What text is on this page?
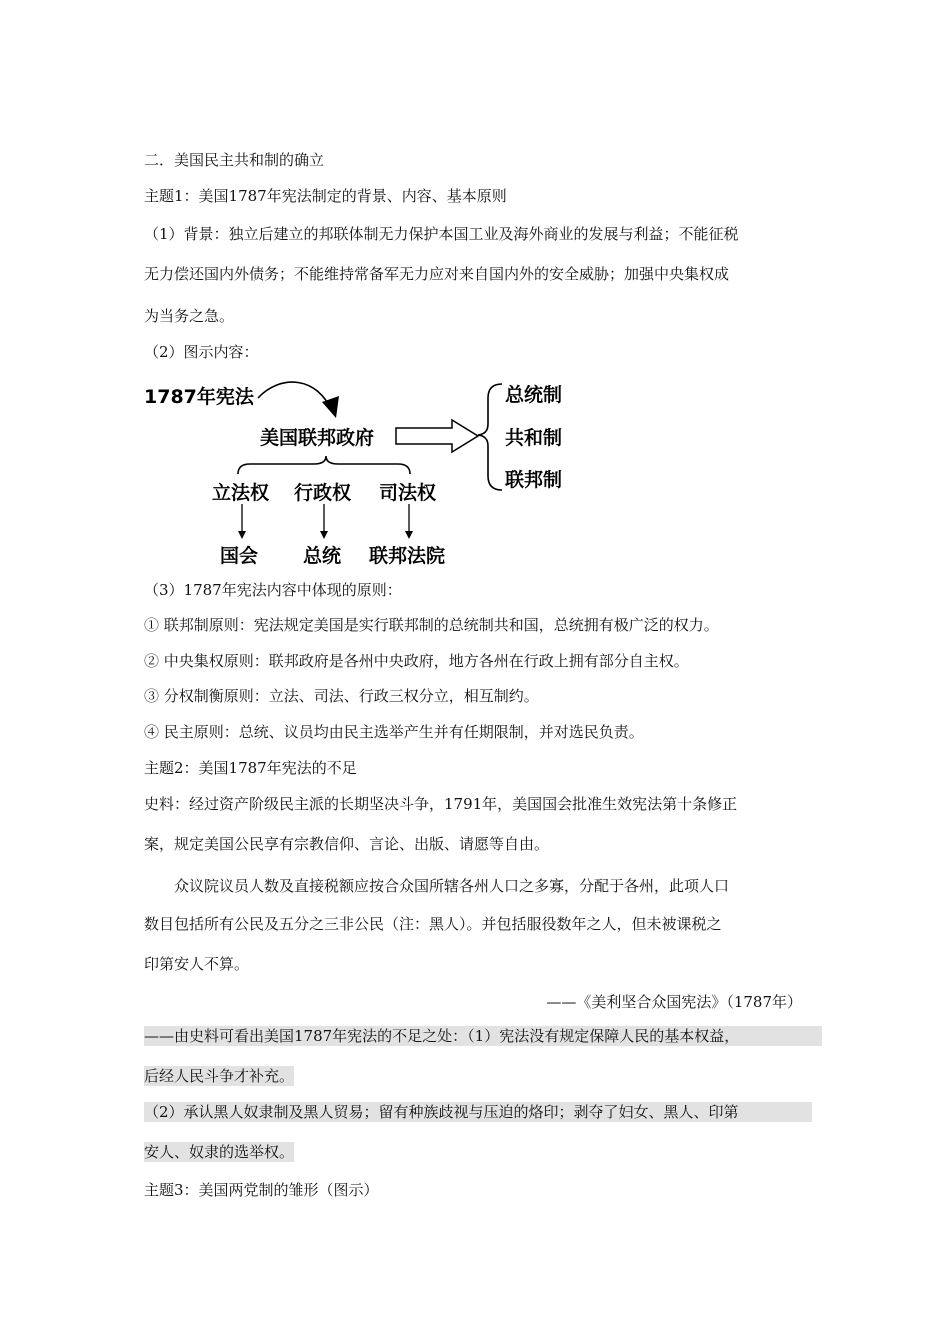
二．美国民主共和制的确立
主题1：美国1787年宪法制定的背景、内容、基本原则
（1）背景：独立后建立的邦联体制无力保护本国工业及海外商业的发展与利益；不能征税
无力偿还国内外债务；不能维持常备军无力应对来自国内外的安全威胁；加强中央集权成
为当务之急。
（2）图示内容：
1787年宪法
美国联邦政府
总统制
共和制
联邦制
立法权 行政权 司法权
国会 总统 联邦法院
（3）1787年宪法内容中体现的原则：
① 联邦制原则：宪法规定美国是实行联邦制的总统制共和国，总统拥有极广泛的权力。
② 中央集权原则：联邦政府是各州中央政府，地方各州在行政上拥有部分自主权。
③ 分权制衡原则：立法、司法、行政三权分立，相互制约。
④ 民主原则：总统、议员均由民主选举产生并有任期限制，并对选民负责。
主题2：美国1787年宪法的不足
史料：经过资产阶级民主派的长期坚决斗争，1791年，美国国会批准生效宪法第十条修正
案，规定美国公民享有宗教信仰、言论、出版、请愿等自由。
众议院议员人数及直接税额应按合众国所辖各州人口之多寡，分配于各州，此项人口
数目包括所有公民及五分之三非公民（注：黑人）。并包括服役数年之人，但未被课税之
印第安人不算。
——《美利坚合众国宪法》（1787年）
——由史料可看出美国1787年宪法的不足之处：（1）宪法没有规定保障人民的基本权益，
后经人民斗争才补充。
（2）承认黑人奴隶制及黑人贸易；留有种族歧视与压迫的烙印；剥夺了妇女、黑人、印第
安人、奴隶的选举权。
主题3：美国两党制的雏形（图示）
